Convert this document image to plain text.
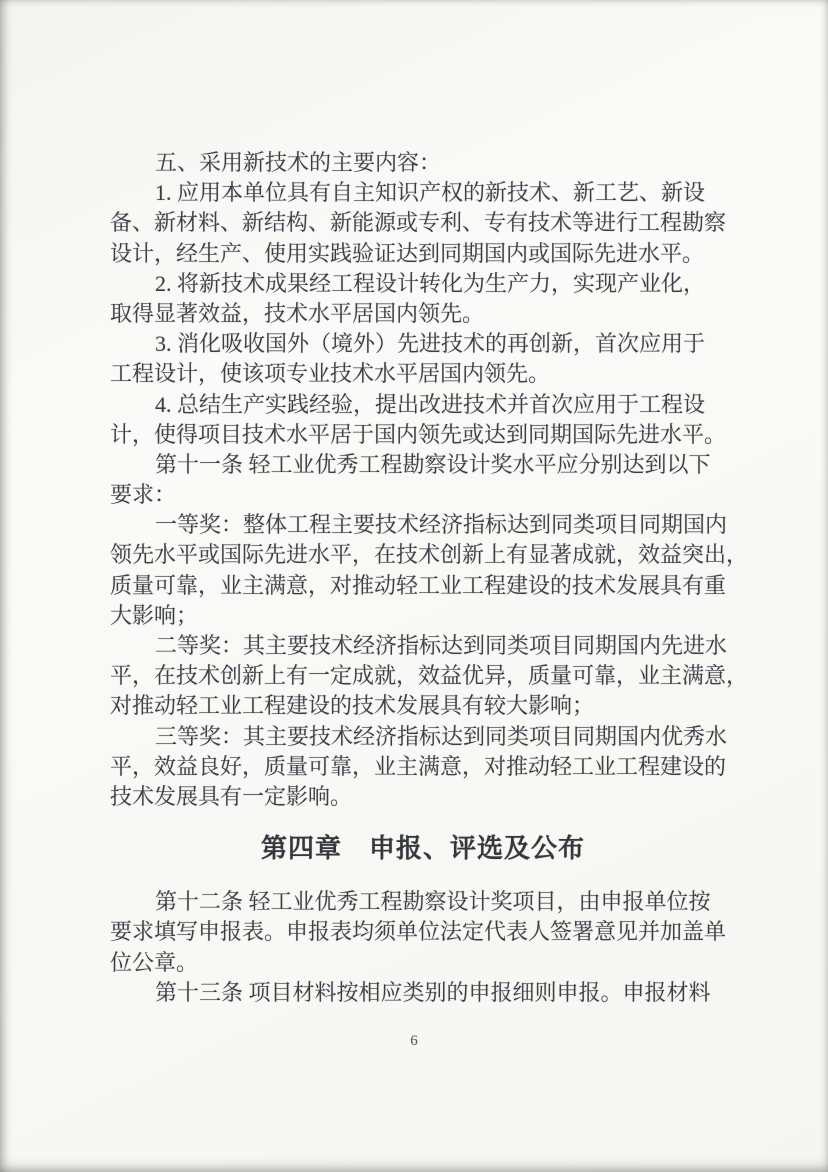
五、采用新技术的主要内容：
1. 应用本单位具有自主知识产权的新技术、新工艺、新设
备、新材料、新结构、新能源或专利、专有技术等进行工程勘察
设计，经生产、使用实践验证达到同期国内或国际先进水平。
2. 将新技术成果经工程设计转化为生产力，实现产业化，
取得显著效益，技术水平居国内领先。
3. 消化吸收国外（境外）先进技术的再创新，首次应用于
工程设计，使该项专业技术水平居国内领先。
4. 总结生产实践经验，提出改进技术并首次应用于工程设
计，使得项目技术水平居于国内领先或达到同期国际先进水平。
第十一条 轻工业优秀工程勘察设计奖水平应分别达到以下
要求：
一等奖：整体工程主要技术经济指标达到同类项目同期国内
领先水平或国际先进水平，在技术创新上有显著成就，效益突出，
质量可靠，业主满意，对推动轻工业工程建设的技术发展具有重
大影响；
二等奖：其主要技术经济指标达到同类项目同期国内先进水
平，在技术创新上有一定成就，效益优异，质量可靠，业主满意，
对推动轻工业工程建设的技术发展具有较大影响；
三等奖：其主要技术经济指标达到同类项目同期国内优秀水
平，效益良好，质量可靠，业主满意，对推动轻工业工程建设的
技术发展具有一定影响。
第四章　申报、评选及公布
第十二条 轻工业优秀工程勘察设计奖项目，由申报单位按
要求填写申报表。申报表均须单位法定代表人签署意见并加盖单
位公章。
第十三条 项目材料按相应类别的申报细则申报。申报材料
6
